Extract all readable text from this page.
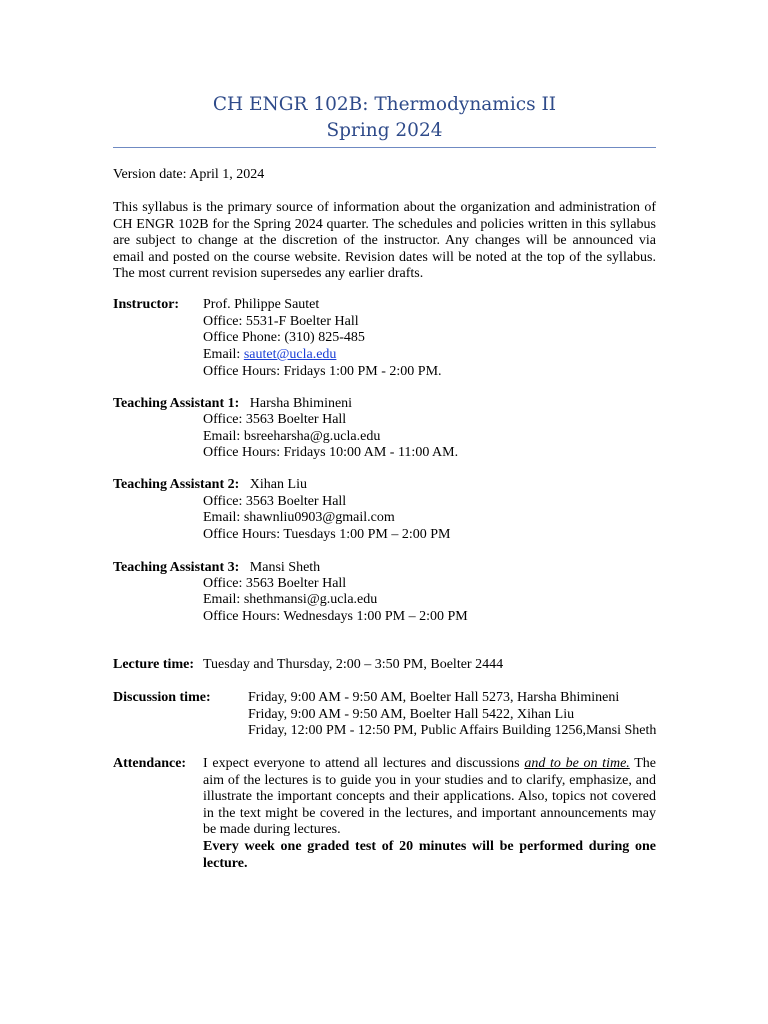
CH ENGR 102B: Thermodynamics II
Spring 2024
Version date: April 1, 2024
This syllabus is the primary source of information about the organization and administration of CH ENGR 102B for the Spring 2024 quarter. The schedules and policies written in this syllabus are subject to change at the discretion of the instructor. Any changes will be announced via email and posted on the course website. Revision dates will be noted at the top of the syllabus. The most current revision supersedes any earlier drafts.
Instructor: Prof. Philippe Sautet
Office: 5531-F Boelter Hall
Office Phone: (310) 825-485
Email: sautet@ucla.edu
Office Hours: Fridays 1:00 PM - 2:00 PM.
Teaching Assistant 1: Harsha Bhimineni
Office: 3563 Boelter Hall
Email: bsreeharsha@g.ucla.edu
Office Hours: Fridays 10:00 AM - 11:00 AM.
Teaching Assistant 2: Xihan Liu
Office: 3563 Boelter Hall
Email: shawnliu0903@gmail.com
Office Hours: Tuesdays 1:00 PM – 2:00 PM
Teaching Assistant 3: Mansi Sheth
Office: 3563 Boelter Hall
Email: shethmansi@g.ucla.edu
Office Hours: Wednesdays 1:00 PM – 2:00 PM
Lecture time: Tuesday and Thursday, 2:00 – 3:50 PM, Boelter 2444
Discussion time:	Friday, 9:00 AM - 9:50 AM, Boelter Hall 5273, Harsha Bhimineni
Friday, 9:00 AM - 9:50 AM, Boelter Hall 5422, Xihan Liu
Friday, 12:00 PM - 12:50 PM, Public Affairs Building 1256,Mansi Sheth
Attendance: I expect everyone to attend all lectures and discussions and to be on time. The aim of the lectures is to guide you in your studies and to clarify, emphasize, and illustrate the important concepts and their applications. Also, topics not covered in the text might be covered in the lectures, and important announcements may be made during lectures.
Every week one graded test of 20 minutes will be performed during one lecture.
